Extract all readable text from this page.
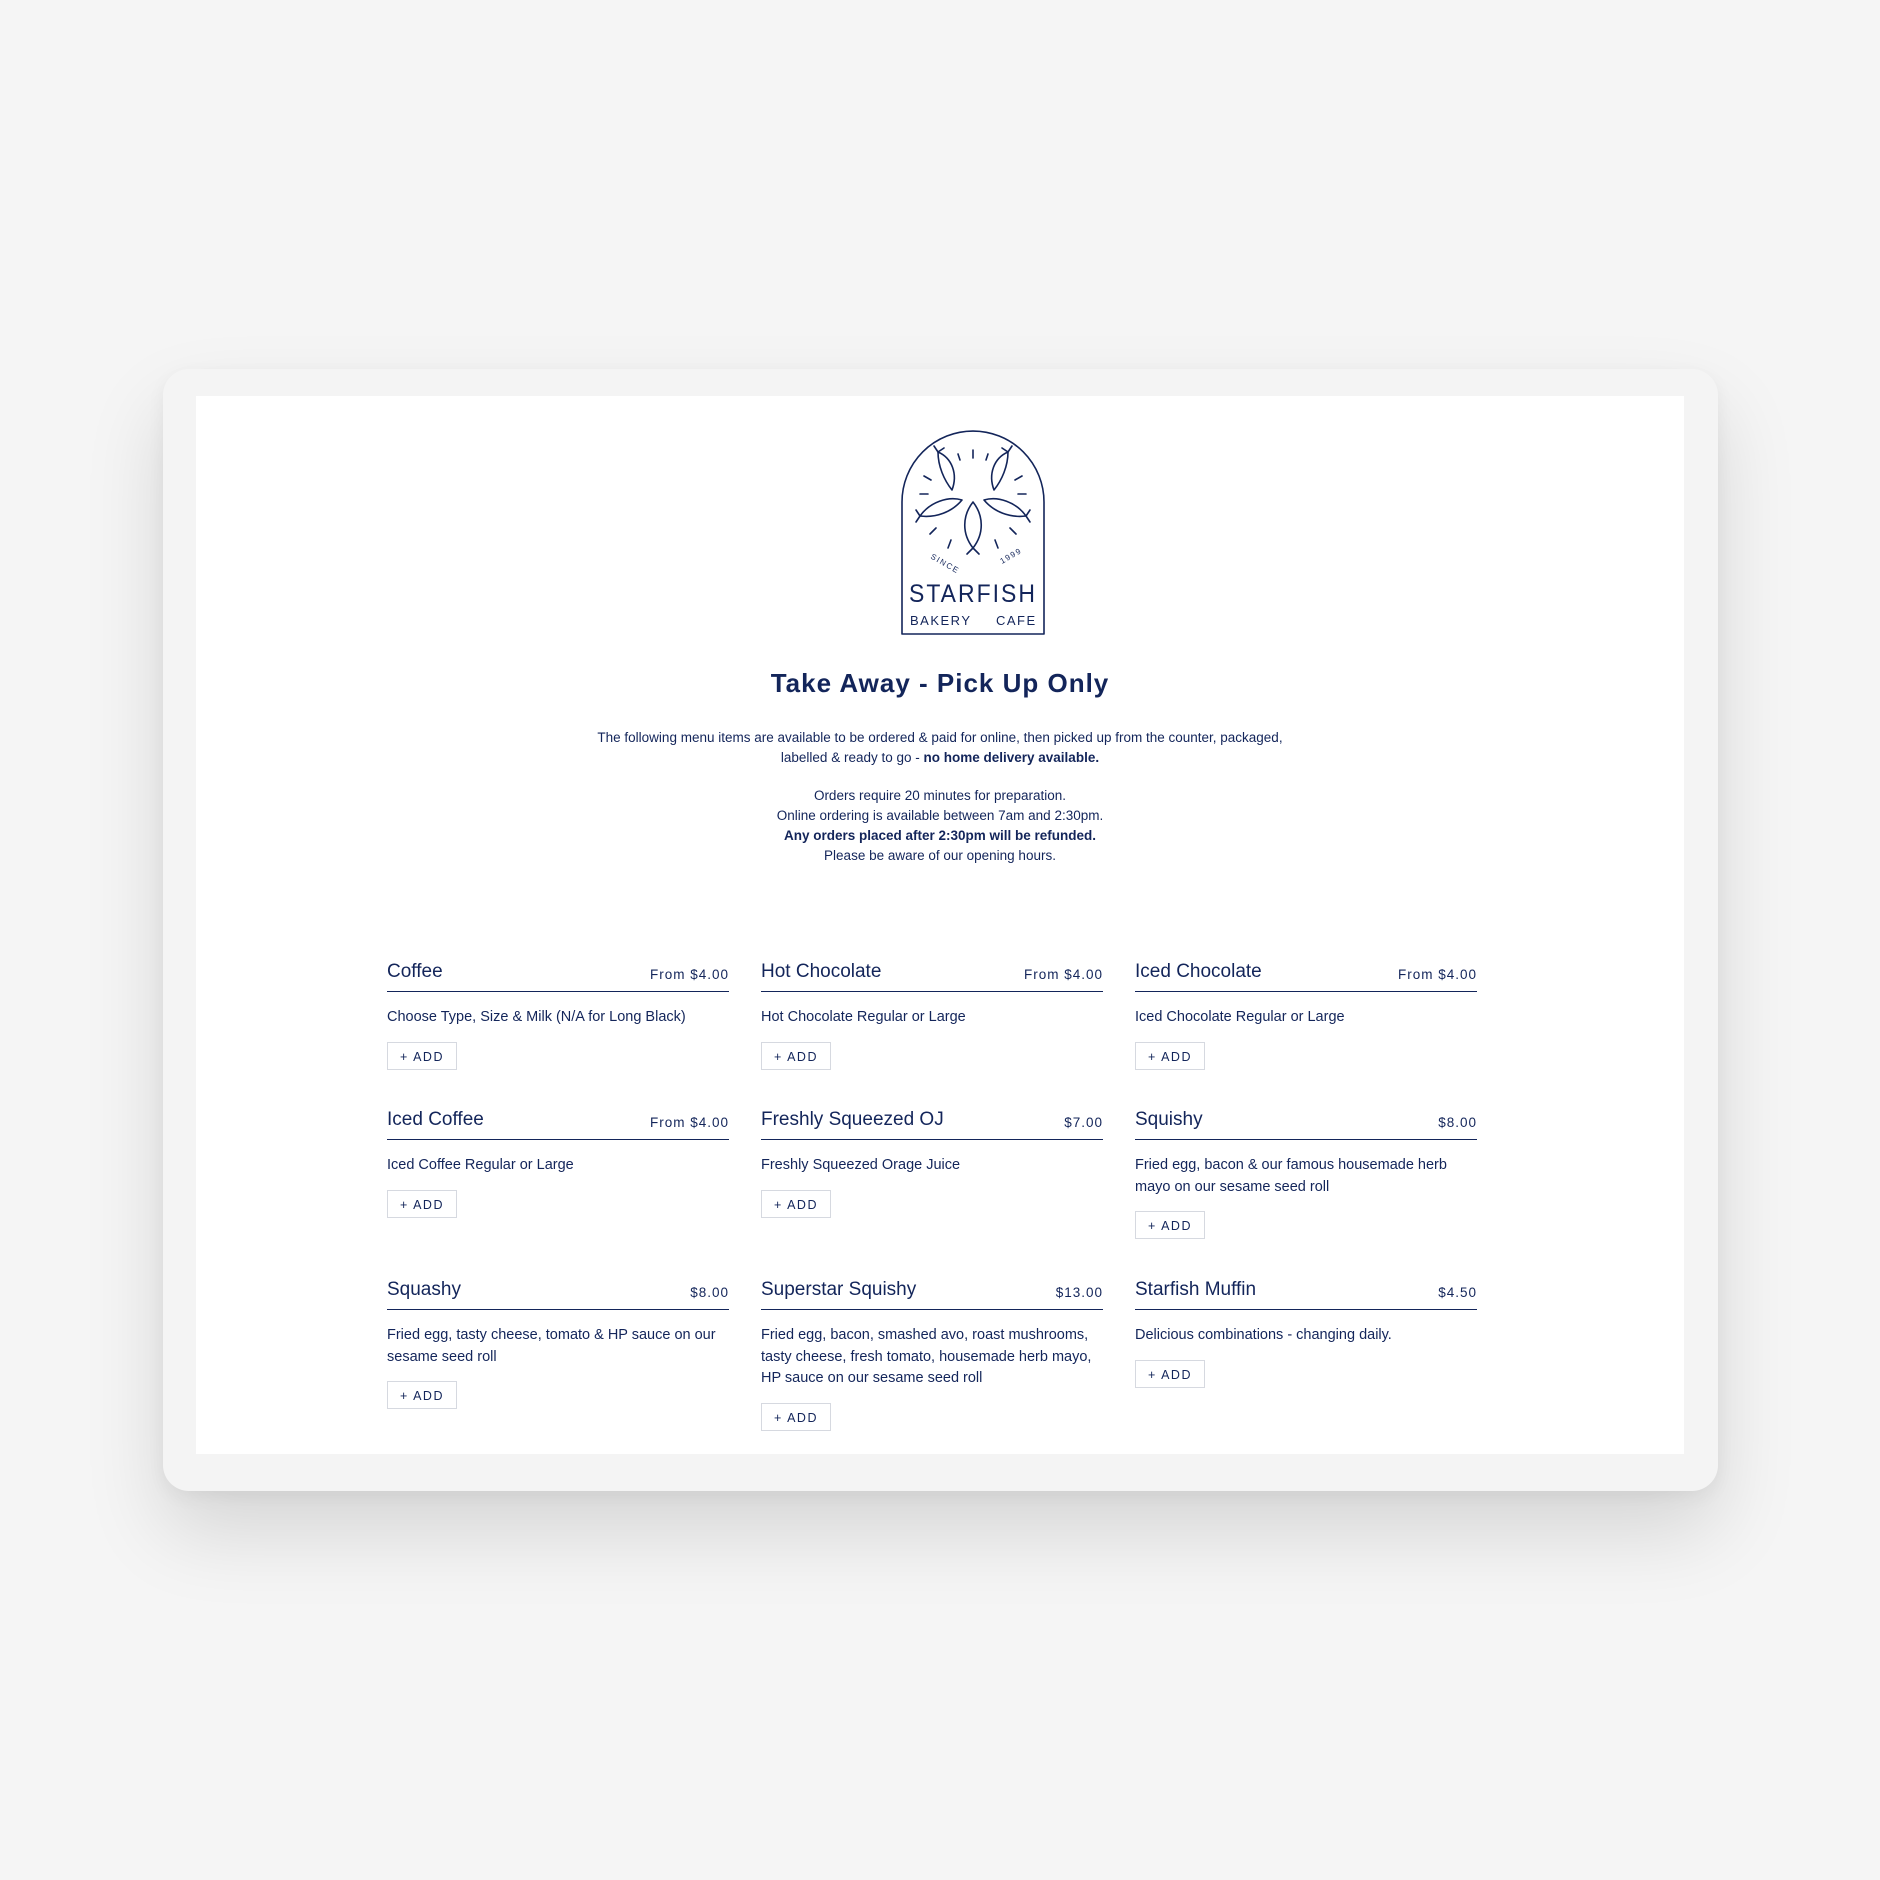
SINCE	1999
STARFISH
BAKERY CAFE
Take Away - Pick Up Only

The following menu items are available to be ordered & paid for online, then picked up from the counter, packaged,

labelled & ready to go - no home delivery available.

Orders require 20 minutes for preparation.

Online ordering is available between 7am and 2:30pm.

Any orders placed after 2:30pm will be refunded.

Please be aware of our opening hours.

Coffee	From $4.00
Choose Type, Size & Milk (N/A for Long Black)
+ ADD
Hot Chocolate	From $4.00
Hot Chocolate Regular or Large
+ ADD
Iced Chocolate	From $4.00
Iced Chocolate Regular or Large
+ ADD
Iced Coffee	From $4.00
Iced Coffee Regular or Large
+ ADD
Freshly Squeezed OJ	$7.00
Freshly Squeezed Orage Juice
+ ADD
Squishy	$8.00
Fried egg, bacon & our famous housemade herb mayo on our sesame seed roll
+ ADD
Squashy	$8.00
Fried egg, tasty cheese, tomato & HP sauce on our sesame seed roll
+ ADD
Superstar Squishy	$13.00
Fried egg, bacon, smashed avo, roast mushrooms, tasty cheese, fresh tomato, housemade herb mayo, HP sauce on our sesame seed roll
+ ADD
Starfish Muffin	$4.50
Delicious combinations - changing daily.
+ ADD
